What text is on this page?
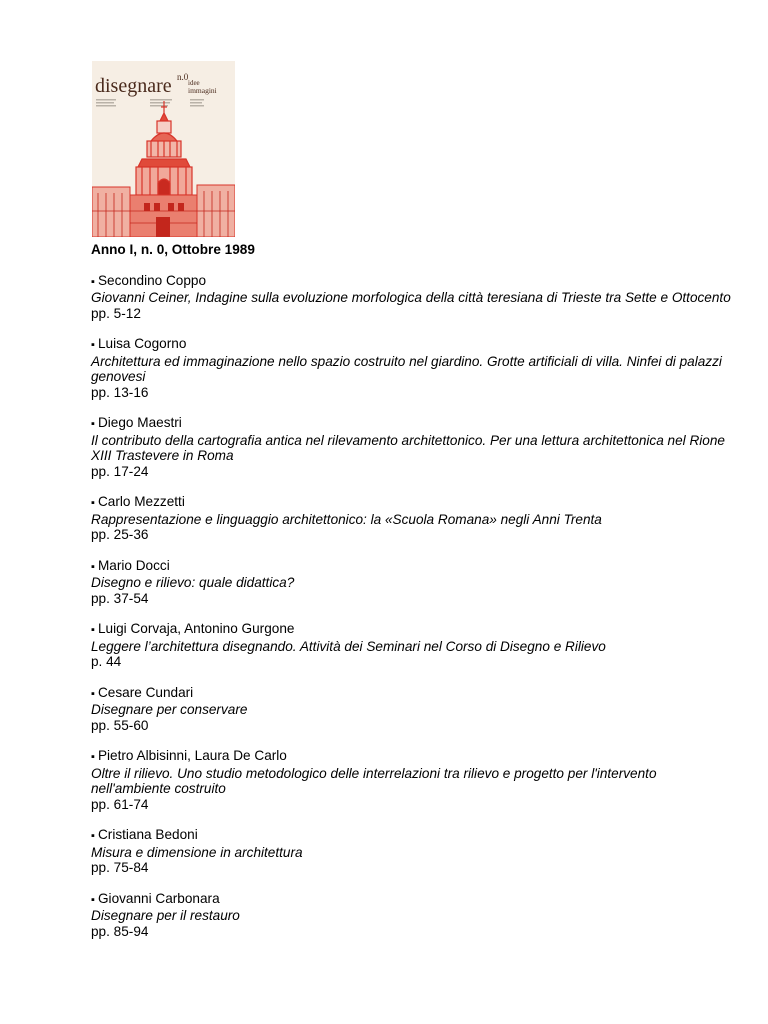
disegnare n.0
idee
immagini
Anno I, n. 0, Ottobre 1989
▪ Secondino Coppo
Giovanni Ceiner, Indagine sulla evoluzione morfologica della città teresiana di Trieste tra Sette e Ottocento
pp. 5-12
▪ Luisa Cogorno
Architettura ed immaginazione nello spazio costruito nel giardino. Grotte artificiali di villa. Ninfei di palazzi genovesi
pp. 13-16
▪ Diego Maestri
Il contributo della cartografia antica nel rilevamento architettonico. Per una lettura architettonica nel Rione XIII Trastevere in Roma
pp. 17-24
▪ Carlo Mezzetti
Rappresentazione e linguaggio architettonico: la «Scuola Romana» negli Anni Trenta
pp. 25-36
▪ Mario Docci
Disegno e rilievo: quale didattica?
pp. 37-54
▪ Luigi Corvaja, Antonino Gurgone
Leggere l’architettura disegnando. Attività dei Seminari nel Corso di Disegno e Rilievo
p. 44
▪ Cesare Cundari
Disegnare per conservare
pp. 55-60
▪ Pietro Albisinni, Laura De Carlo
Oltre il rilievo. Uno studio metodologico delle interrelazioni tra rilievo e progetto per l'intervento nell'ambiente costruito
pp. 61-74
▪ Cristiana Bedoni
Misura e dimensione in architettura
pp. 75-84
▪ Giovanni Carbonara
Disegnare per il restauro
pp. 85-94
